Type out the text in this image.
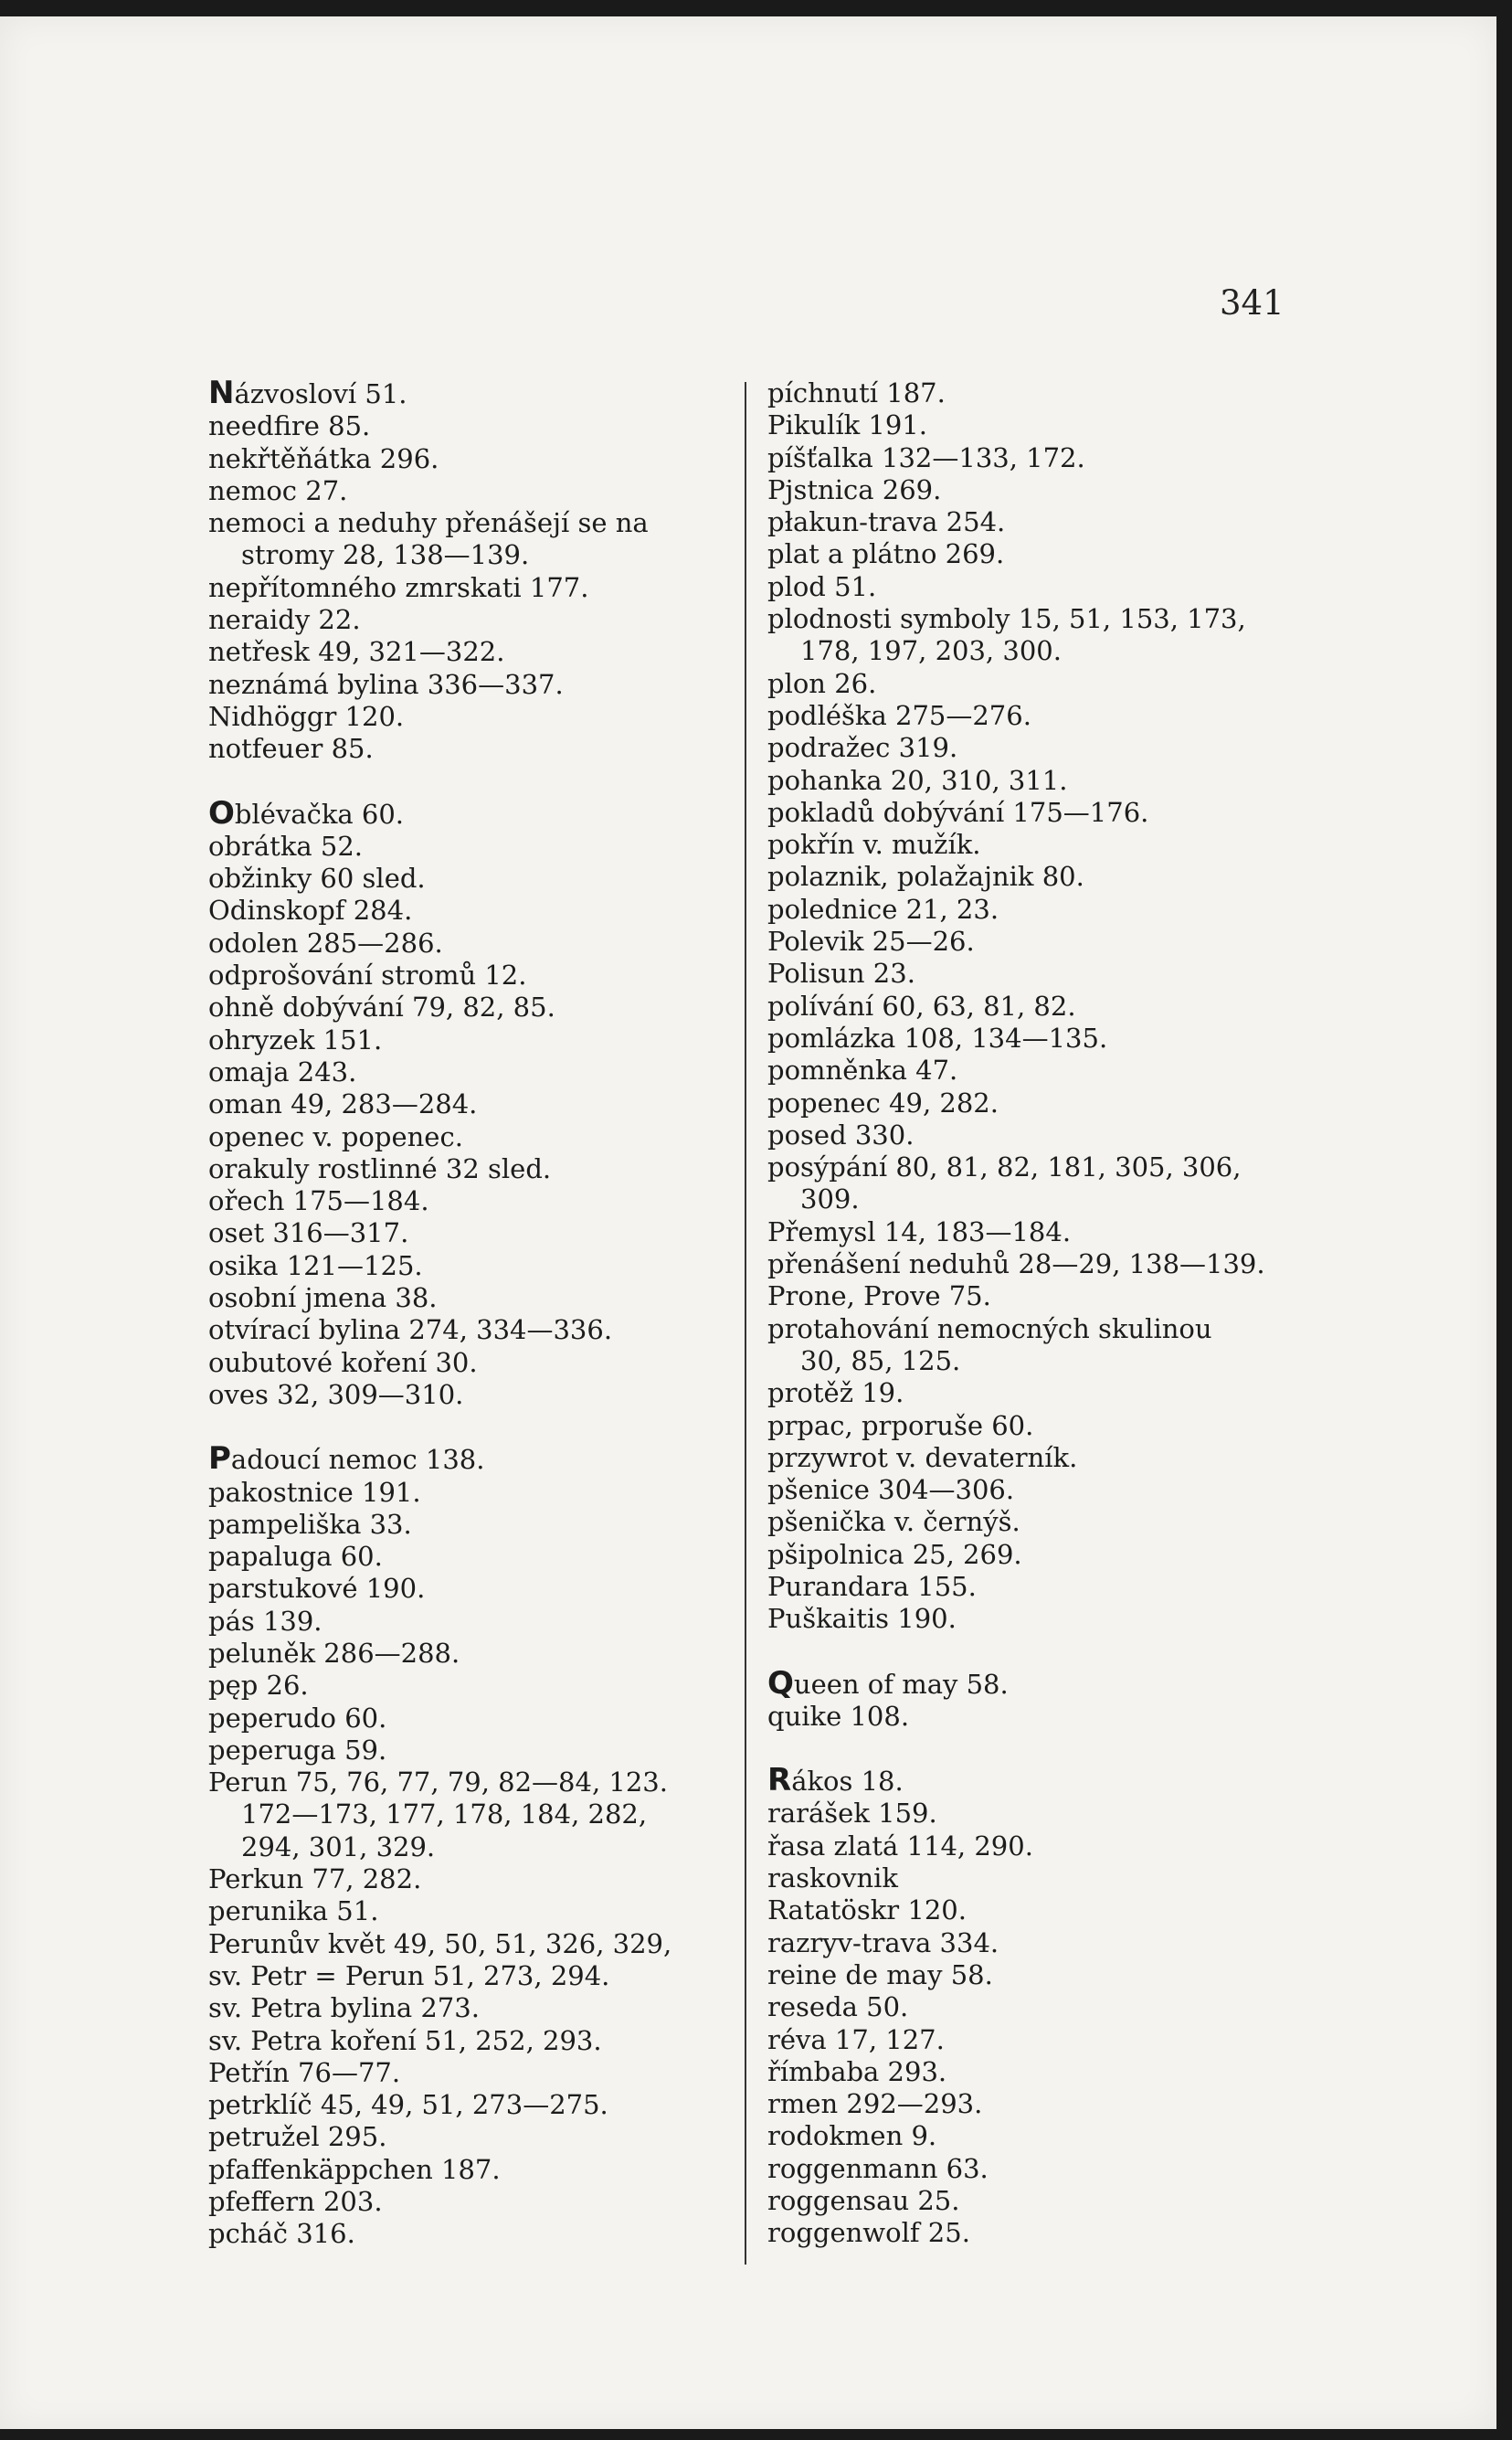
341
Názvosloví 51.
needfire 85.
nekřtěňátka 296.
nemoc 27.
nemoci a neduhy přenášejí se na
stromy 28, 138—139.
nepřítomného zmrskati 177.
neraidy 22.
netřesk 49, 321—322.
neznámá bylina 336—337.
Nidhöggr 120.
notfeuer 85.
Oblévačka 60.
obrátka 52.
obžinky 60 sled.
Odinskopf 284.
odolen 285—286.
odprošování stromů 12.
ohně dobývání 79, 82, 85.
ohryzek 151.
omaja 243.
oman 49, 283—284.
openec v. popenec.
orakuly rostlinné 32 sled.
ořech 175—184.
oset 316—317.
osika 121—125.
osobní jmena 38.
otvírací bylina 274, 334—336.
oubutové koření 30.
oves 32, 309—310.
Padoucí nemoc 138.
pakostnice 191.
pampeliška 33.
papaluga 60.
parstukové 190.
pás 139.
peluněk 286—288.
pęp 26.
peperudo 60.
peperuga 59.
Perun 75, 76, 77, 79, 82—84, 123.
172—173, 177, 178, 184, 282,
294, 301, 329.
Perkun 77, 282.
perunika 51.
Perunův květ 49, 50, 51, 326, 329,
sv. Petr = Perun 51, 273, 294.
sv. Petra bylina 273.
sv. Petra koření 51, 252, 293.
Petřín 76—77.
petrklíč 45, 49, 51, 273—275.
petružel 295.
pfaffenkäppchen 187.
pfeffern 203.
pcháč 316.
píchnutí 187.
Pikulík 191.
píšťalka 132—133, 172.
Pjstnica 269.
płakun-trava 254.
plat a plátno 269.
plod 51.
plodnosti symboly 15, 51, 153, 173,
178, 197, 203, 300.
plon 26.
podléška 275—276.
podražec 319.
pohanka 20, 310, 311.
pokladů dobývání 175—176.
pokřín v. mužík.
polaznik, polažajnik 80.
polednice 21, 23.
Polevik 25—26.
Polisun 23.
polívání 60, 63, 81, 82.
pomlázka 108, 134—135.
pomněnka 47.
popenec 49, 282.
posed 330.
posýpání 80, 81, 82, 181, 305, 306,
309.
Přemysl 14, 183—184.
přenášení neduhů 28—29, 138—139.
Prone, Prove 75.
protahování nemocných skulinou
30, 85, 125.
protěž 19.
prpac, prporuše 60.
przywrot v. devaterník.
pšenice 304—306.
pšenička v. černýš.
pšipolnica 25, 269.
Purandara 155.
Puškaitis 190.
Queen of may 58.
quike 108.
Rákos 18.
rarášek 159.
řasa zlatá 114, 290.
raskovnik
Ratatöskr 120.
razryv-trava 334.
reine de may 58.
reseda 50.
réva 17, 127.
římbaba 293.
rmen 292—293.
rodokmen 9.
roggenmann 63.
roggensau 25.
roggenwolf 25.
